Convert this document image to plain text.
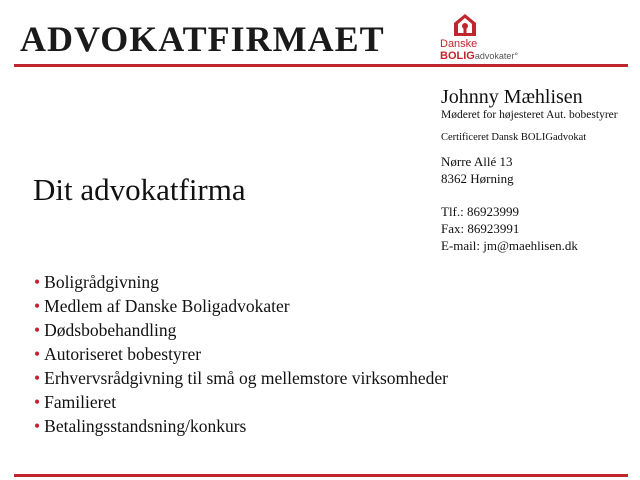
ADVOKATFIRMAET	Danske
BOLIGadvokater°
Johnny Mæhlisen
Møderet for højesteret Aut. bobestyrer
Certificeret Dansk BOLIGadvokat
Nørre Allé 13
8362 Hørning
Tlf.: 86923999
Fax: 86923991
E-mail: jm@maehlisen.dk
Dit advokatfirma
• Boligrådgivning
• Medlem af Danske Boligadvokater
• Dødsbobehandling
• Autoriseret bobestyrer
• Erhvervsrådgivning til små og mellemstore virksomheder
• Familieret
• Betalingsstandsning/konkurs
